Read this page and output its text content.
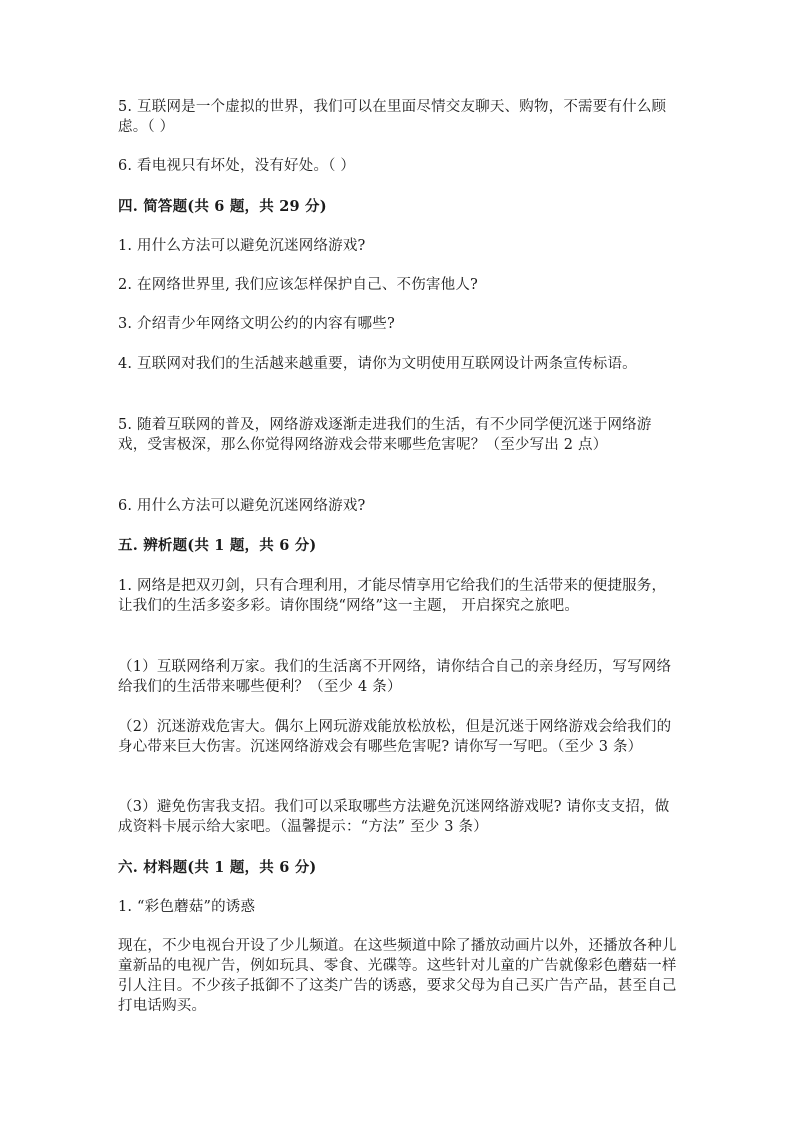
5. 互联网是一个虚拟的世界，我们可以在里面尽情交友聊天、购物，不需要有什么顾虑。（ ）
6. 看电视只有坏处，没有好处。（ ）
四. 简答题(共 6 题，共 29 分)
1. 用什么方法可以避免沉迷网络游戏?
2. 在网络世界里, 我们应该怎样保护自己、不伤害他人?
3. 介绍青少年网络文明公约的内容有哪些?
4. 互联网对我们的生活越来越重要，请你为文明使用互联网设计两条宣传标语。
5. 随着互联网的普及，网络游戏逐渐走进我们的生活，有不少同学便沉迷于网络游戏，受害极深，那么你觉得网络游戏会带来哪些危害呢？（至少写出 2 点）
6. 用什么方法可以避免沉迷网络游戏?
五. 辨析题(共 1 题，共 6 分)
1. 网络是把双刃剑，只有合理利用，才能尽情享用它给我们的生活带来的便捷服务，让我们的生活多姿多彩。请你围绕“网络”这一主题， 开启探究之旅吧。
（1）互联网络利万家。我们的生活离不开网络，请你结合自己的亲身经历，写写网络给我们的生活带来哪些便利？（至少 4 条）
（2）沉迷游戏危害大。偶尔上网玩游戏能放松放松，但是沉迷于网络游戏会给我们的身心带来巨大伤害。沉迷网络游戏会有哪些危害呢? 请你写一写吧。（至少 3 条）
（3）避免伤害我支招。我们可以采取哪些方法避免沉迷网络游戏呢? 请你支支招，做成资料卡展示给大家吧。（温馨提示：“方法” 至少 3 条）
六. 材料题(共 1 题，共 6 分)
1. “彩色蘑菇”的诱惑
现在，不少电视台开设了少儿频道。在这些频道中除了播放动画片以外，还播放各种儿童新品的电视广告，例如玩具、零食、光碟等。这些针对儿童的广告就像彩色蘑菇一样引人注目。不少孩子抵御不了这类广告的诱惑，要求父母为自己买广告产品，甚至自己打电话购买。
